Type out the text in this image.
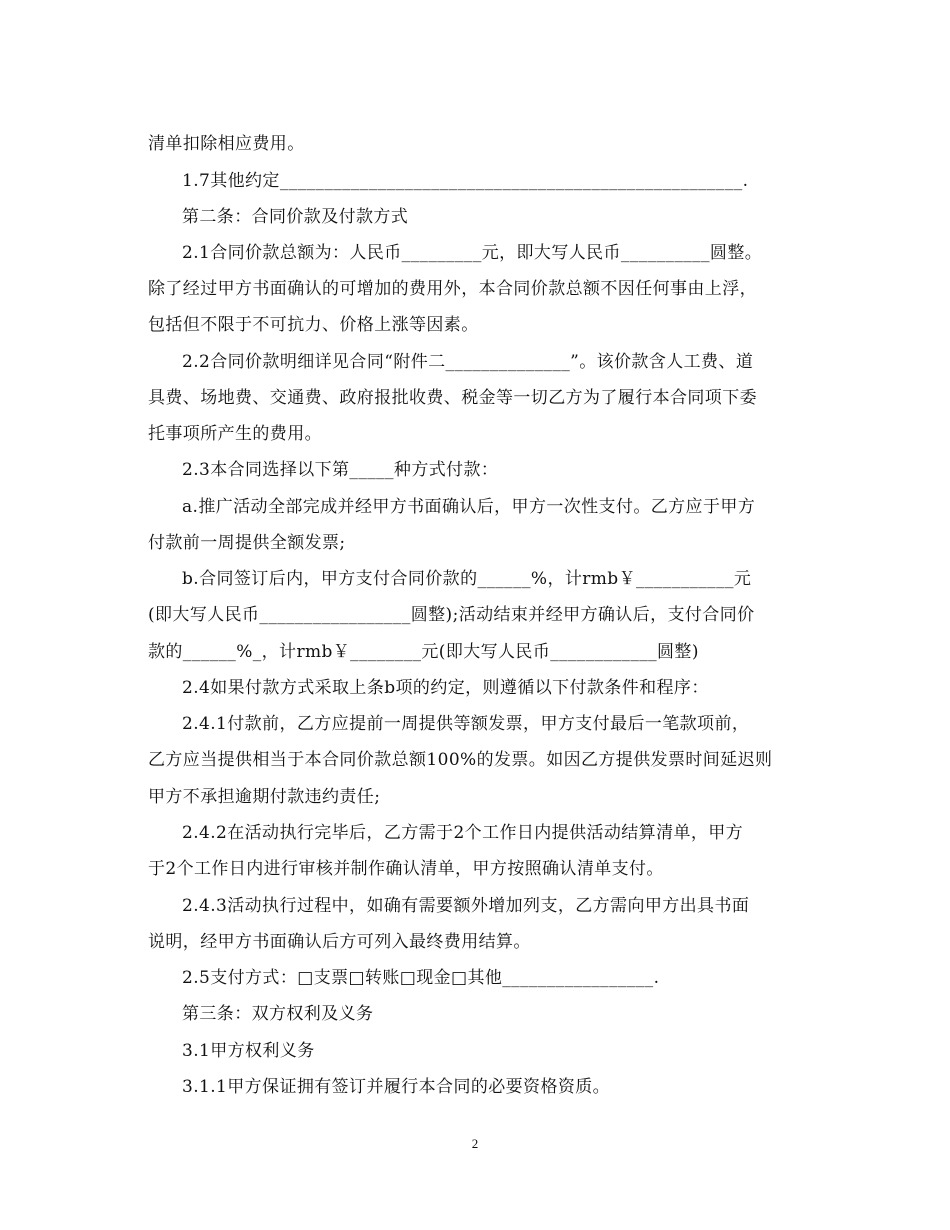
清单扣除相应费用。
1.7其他约定____________________________________________________.
第二条：合同价款及付款方式
2.1合同价款总额为：人民币_________元，即大写人民币__________圆整。
除了经过甲方书面确认的可增加的费用外，本合同价款总额不因任何事由上浮，
包括但不限于不可抗力、价格上涨等因素。
2.2合同价款明细详见合同“附件二______________”。该价款含人工费、道
具费、场地费、交通费、政府报批收费、税金等一切乙方为了履行本合同项下委
托事项所产生的费用。
2.3本合同选择以下第_____种方式付款：
a.推广活动全部完成并经甲方书面确认后，甲方一次性支付。乙方应于甲方
付款前一周提供全额发票;
b.合同签订后内，甲方支付合同价款的______%，计rmb￥___________元
(即大写人民币_________________圆整);活动结束并经甲方确认后，支付合同价
款的______%_，计rmb￥________元(即大写人民币____________圆整)
2.4如果付款方式采取上条b项的约定，则遵循以下付款条件和程序：
2.4.1付款前，乙方应提前一周提供等额发票，甲方支付最后一笔款项前，
乙方应当提供相当于本合同价款总额100%的发票。如因乙方提供发票时间延迟则
甲方不承担逾期付款违约责任;
2.4.2在活动执行完毕后，乙方需于2个工作日内提供活动结算清单，甲方
于2个工作日内进行审核并制作确认清单，甲方按照确认清单支付。
2.4.3活动执行过程中，如确有需要额外增加列支，乙方需向甲方出具书面
说明，经甲方书面确认后方可列入最终费用结算。
2.5支付方式：□支票□转账□现金□其他_________________.
第三条：双方权利及义务
3.1甲方权利义务
3.1.1甲方保证拥有签订并履行本合同的必要资格资质。
2
